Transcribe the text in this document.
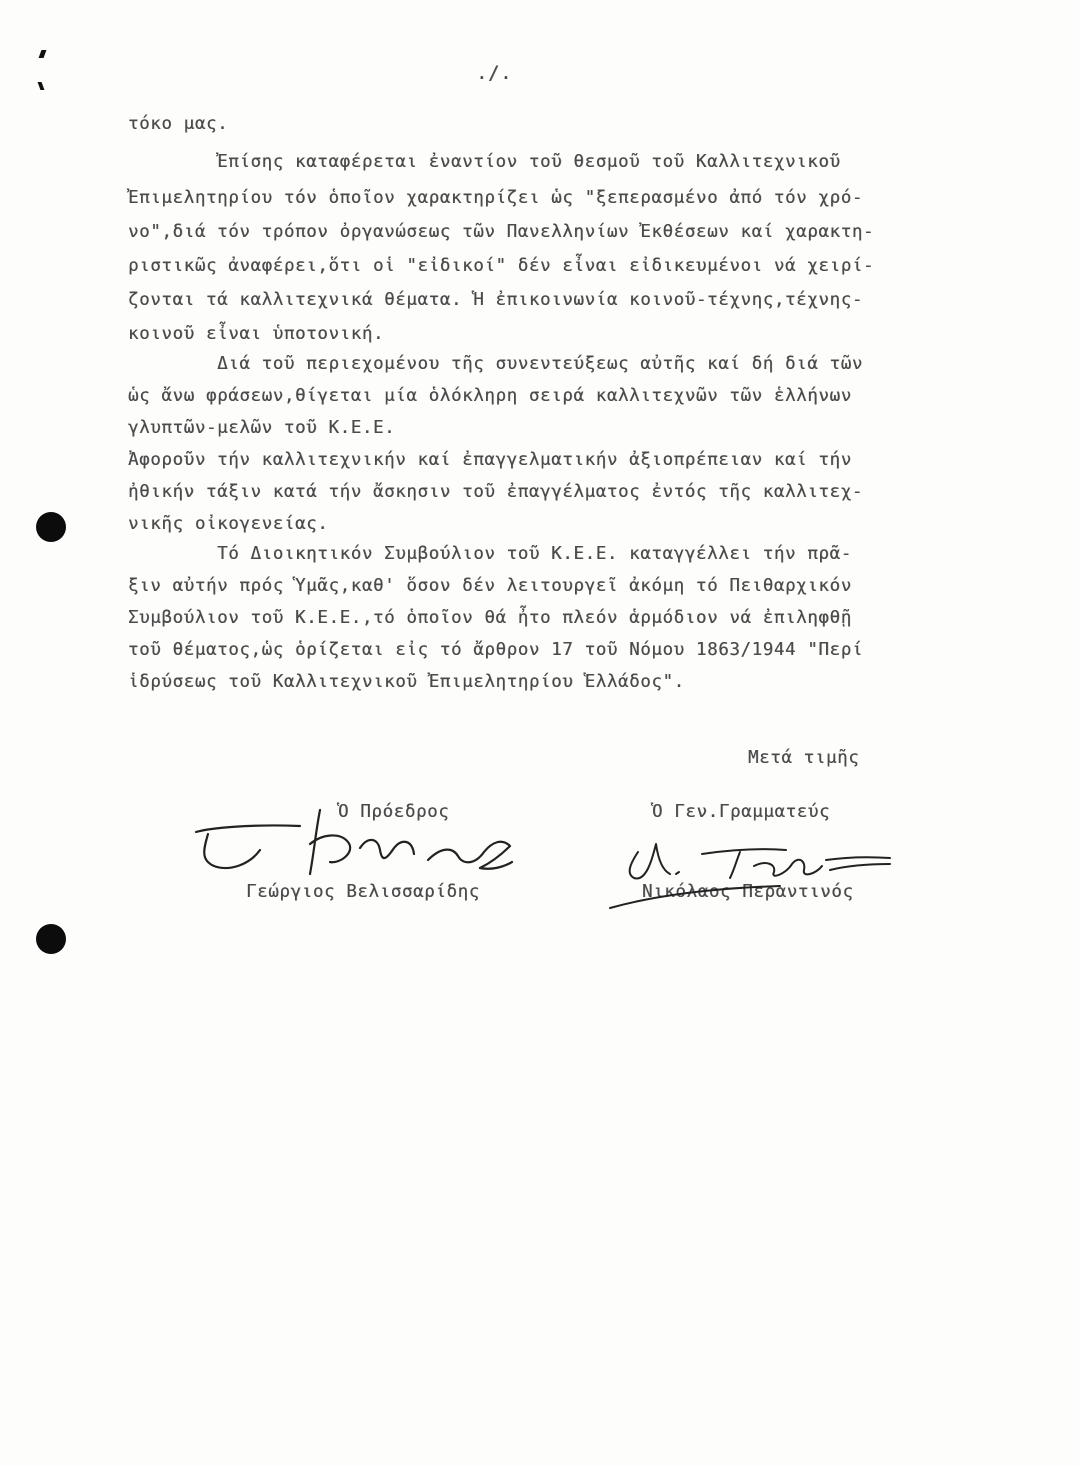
./.
τόκο μας.
Ἐπίσης καταφέρεται ἐναντίον τοῦ θεσμοῦ τοῦ Καλλιτεχνικοῦ
Ἐπιμελητηρίου τόν ὁποῖον χαρακτηρίζει ὡς "ξεπερασμένο ἀπό τόν χρό-
νο",διά τόν τρόπον ὀργανώσεως τῶν Πανελληνίων Ἐκθέσεων καί χαρακτη-
ριστικῶς ἀναφέρει,ὅτι οἱ "εἰδικοί" δέν εἶναι εἰδικευμένοι νά χειρί-
ζονται τά καλλιτεχνικά θέματα. Ἡ ἐπικοινωνία κοινοῦ-τέχνης,τέχνης-
κοινοῦ εἶναι ὑποτονική.
Διά τοῦ περιεχομένου τῆς συνεντεύξεως αὐτῆς καί δή διά τῶν
ὡς ἄνω φράσεων,θίγεται μία ὁλόκληρη σειρά καλλιτεχνῶν τῶν ἑλλήνων
γλυπτῶν-μελῶν τοῦ Κ.Ε.Ε.
Ἀφοροῦν τήν καλλιτεχνικήν καί ἐπαγγελματικήν ἀξιοπρέπειαν καί τήν
ἠθικήν τάξιν κατά τήν ἄσκησιν τοῦ ἐπαγγέλματος ἐντός τῆς καλλιτεχ-
νικῆς οἰκογενείας.
Τό Διοικητικόν Συμβούλιον τοῦ Κ.Ε.Ε. καταγγέλλει τήν πρᾶ-
ξιν αὐτήν πρός Ὑμᾶς,καθ' ὅσον δέν λειτουργεῖ ἀκόμη τό Πειθαρχικόν
Συμβούλιον τοῦ Κ.Ε.Ε.,τό ὁποῖον θά ἦτο πλεόν ἁρμόδιον νά ἐπιληφθῇ
τοῦ θέματος,ὡς ὁρίζεται εἰς τό ἄρθρον 17 τοῦ Νόμου 1863/1944 "Περί
ἱδρύσεως τοῦ Καλλιτεχνικοῦ Ἐπιμελητηρίου Ἑλλάδος".
Μετά τιμῆς
Ὁ Πρόεδρος	Ὁ Γεν.Γραμματεύς
Γεώργιος Βελισσαρίδης	Νικόλαος Περαντινός
